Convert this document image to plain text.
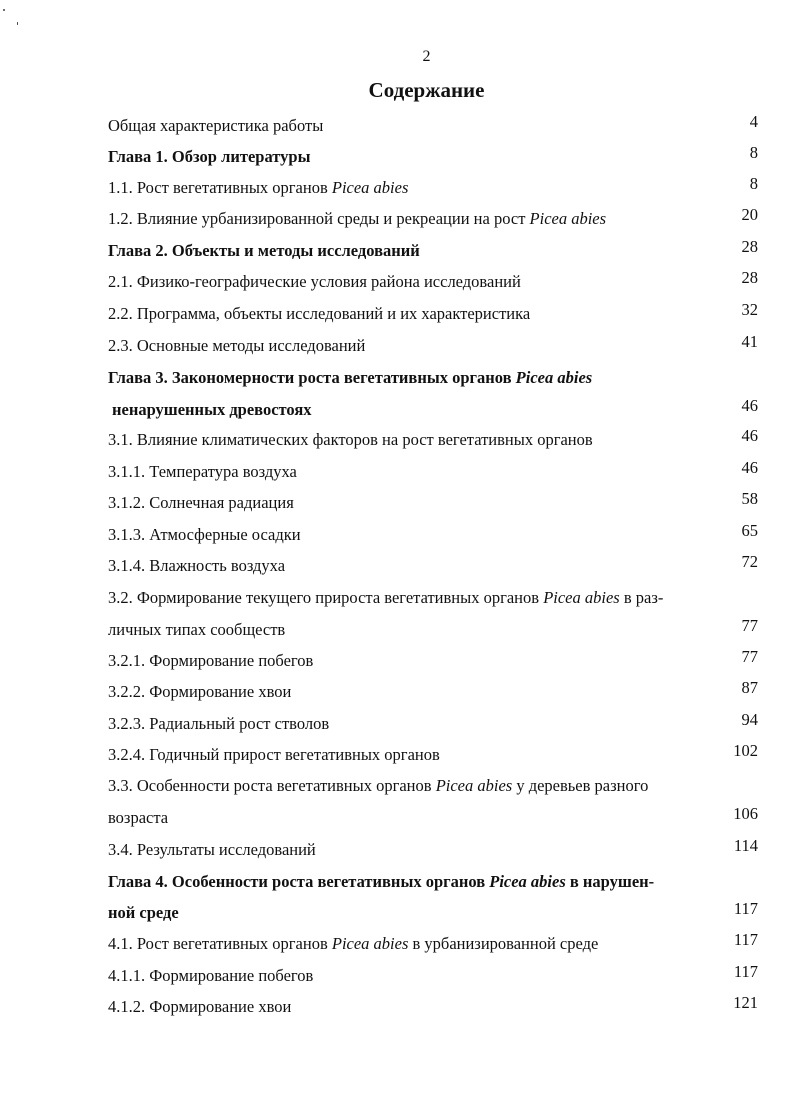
2
Содержание
Общая характеристика работы	4
Глава 1. Обзор литературы	8
1.1. Рост вегетативных органов Picea abies	8
1.2. Влияние урбанизированной среды и рекреации на рост Picea abies	20
Глава 2. Объекты и методы исследований	28
2.1. Физико-географические условия района исследований	28
2.2. Программа, объекты исследований и их характеристика	32
2.3. Основные методы исследований	41
Глава 3. Закономерности роста вегетативных органов Picea abies
ненарушенных древостоях	46
3.1. Влияние климатических факторов на рост вегетативных органов	46
3.1.1. Температура воздуха	46
3.1.2. Солнечная радиация	58
3.1.3. Атмосферные осадки	65
3.1.4. Влажность воздуха	72
3.2. Формирование текущего прироста вегетативных органов Picea abies в раз-
личных типах сообществ	77
3.2.1. Формирование побегов	77
3.2.2. Формирование хвои	87
3.2.3. Радиальный рост стволов	94
3.2.4. Годичный прирост вегетативных органов	102
3.3. Особенности роста вегетативных органов Picea abies у деревьев разного
возраста	106
3.4. Результаты исследований	114
Глава 4. Особенности роста вегетативных органов Picea abies в нарушен-
ной среде	117
4.1. Рост вегетативных органов Picea abies в урбанизированной среде	117
4.1.1. Формирование побегов	117
4.1.2. Формирование хвои	121
